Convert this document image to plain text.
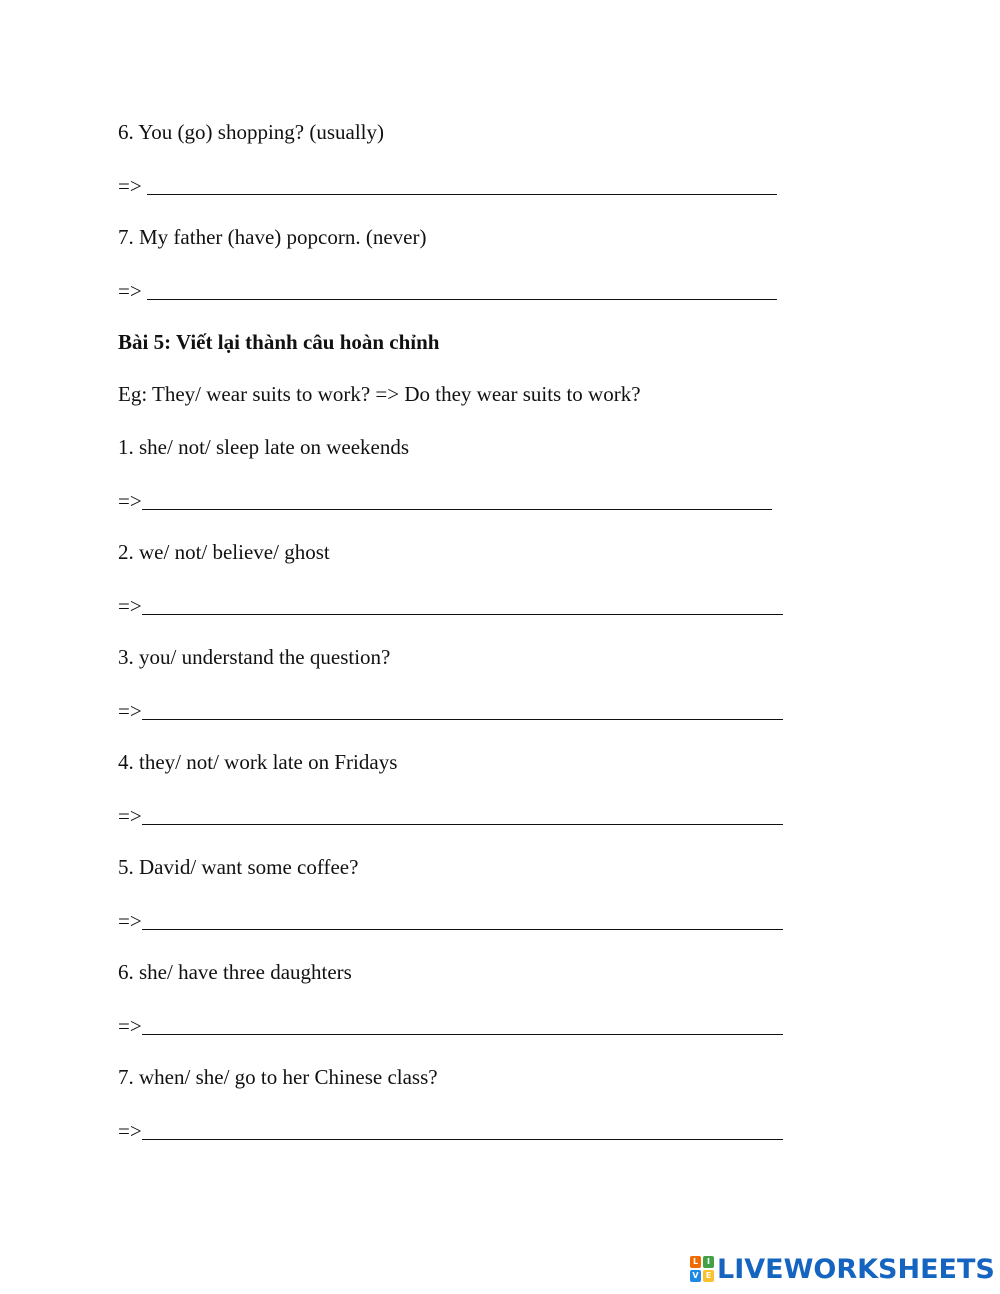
6. You (go) shopping? (usually)
=>
7. My father (have) popcorn. (never)
=>
Bài 5: Viết lại thành câu hoàn chỉnh
Eg: They/ wear suits to work? => Do they wear suits to work?
1. she/ not/ sleep late on weekends
=>
2. we/ not/ believe/ ghost
=>
3. you/ understand the question?
=>
4. they/ not/ work late on Fridays
=>
5. David/ want some coffee?
=>
6. she/ have three daughters
=>
7. when/ she/ go to her Chinese class?
=>
L	I
V E LIVEWORKSHEETS
